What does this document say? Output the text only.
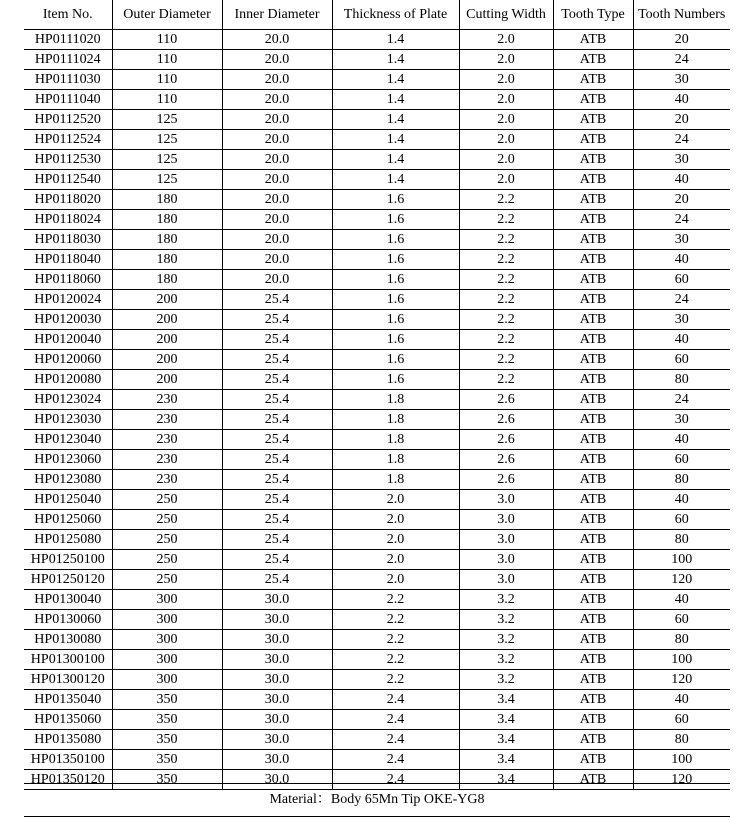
Item No.	Outer Diameter	Inner Diameter	Thickness of Plate	Cutting Width	Tooth Type	Tooth Numbers
HP0111020	110	20.0	1.4	2.0	ATB	20
HP0111024	110	20.0	1.4	2.0	ATB	24
HP0111030	110	20.0	1.4	2.0	ATB	30
HP0111040	110	20.0	1.4	2.0	ATB	40
HP0112520	125	20.0	1.4	2.0	ATB	20
HP0112524	125	20.0	1.4	2.0	ATB	24
HP0112530	125	20.0	1.4	2.0	ATB	30
HP0112540	125	20.0	1.4	2.0	ATB	40
HP0118020	180	20.0	1.6	2.2	ATB	20
HP0118024	180	20.0	1.6	2.2	ATB	24
HP0118030	180	20.0	1.6	2.2	ATB	30
HP0118040	180	20.0	1.6	2.2	ATB	40
HP0118060	180	20.0	1.6	2.2	ATB	60
HP0120024	200	25.4	1.6	2.2	ATB	24
HP0120030	200	25.4	1.6	2.2	ATB	30
HP0120040	200	25.4	1.6	2.2	ATB	40
HP0120060	200	25.4	1.6	2.2	ATB	60
HP0120080	200	25.4	1.6	2.2	ATB	80
HP0123024	230	25.4	1.8	2.6	ATB	24
HP0123030	230	25.4	1.8	2.6	ATB	30
HP0123040	230	25.4	1.8	2.6	ATB	40
HP0123060	230	25.4	1.8	2.6	ATB	60
HP0123080	230	25.4	1.8	2.6	ATB	80
HP0125040	250	25.4	2.0	3.0	ATB	40
HP0125060	250	25.4	2.0	3.0	ATB	60
HP0125080	250	25.4	2.0	3.0	ATB	80
HP01250100	250	25.4	2.0	3.0	ATB	100
HP01250120	250	25.4	2.0	3.0	ATB	120
HP0130040	300	30.0	2.2	3.2	ATB	40
HP0130060	300	30.0	2.2	3.2	ATB	60
HP0130080	300	30.0	2.2	3.2	ATB	80
HP01300100	300	30.0	2.2	3.2	ATB	100
HP01300120	300	30.0	2.2	3.2	ATB	120
HP0135040	350	30.0	2.4	3.4	ATB	40
HP0135060	350	30.0	2.4	3.4	ATB	60
HP0135080	350	30.0	2.4	3.4	ATB	80
HP01350100	350	30.0	2.4	3.4	ATB	100
HP01350120	350	30.0	2.4	3.4	ATB	120
Material：Body 65Mn Tip OKE-YG8
